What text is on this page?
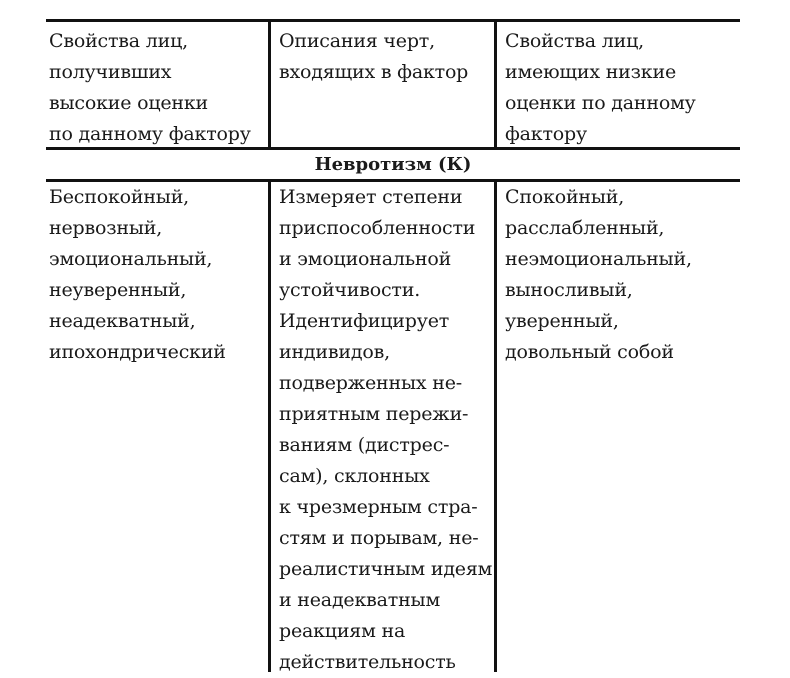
Свойства лиц,
получивших
высокие оценки
по данному фактору
Описания черт,
входящих в фактор
Свойства лиц,
имеющих низкие
оценки по данному
фактору
Невротизм (К)
Беспокойный,
нервозный,
эмоциональный,
неуверенный,
неадекватный,
ипохондрический
Измеряет степени
приспособленности
и эмоциональной
устойчивости.
Идентифицирует
индивидов,
подверженных не-
приятным пережи-
ваниям (дистрес-
сам), склонных
к чрезмерным стра-
стям и порывам, не-
реалистичным идеям
и неадекватным
реакциям на
действительность
Спокойный,
расслабленный,
неэмоциональный,
выносливый,
уверенный,
довольный собой
